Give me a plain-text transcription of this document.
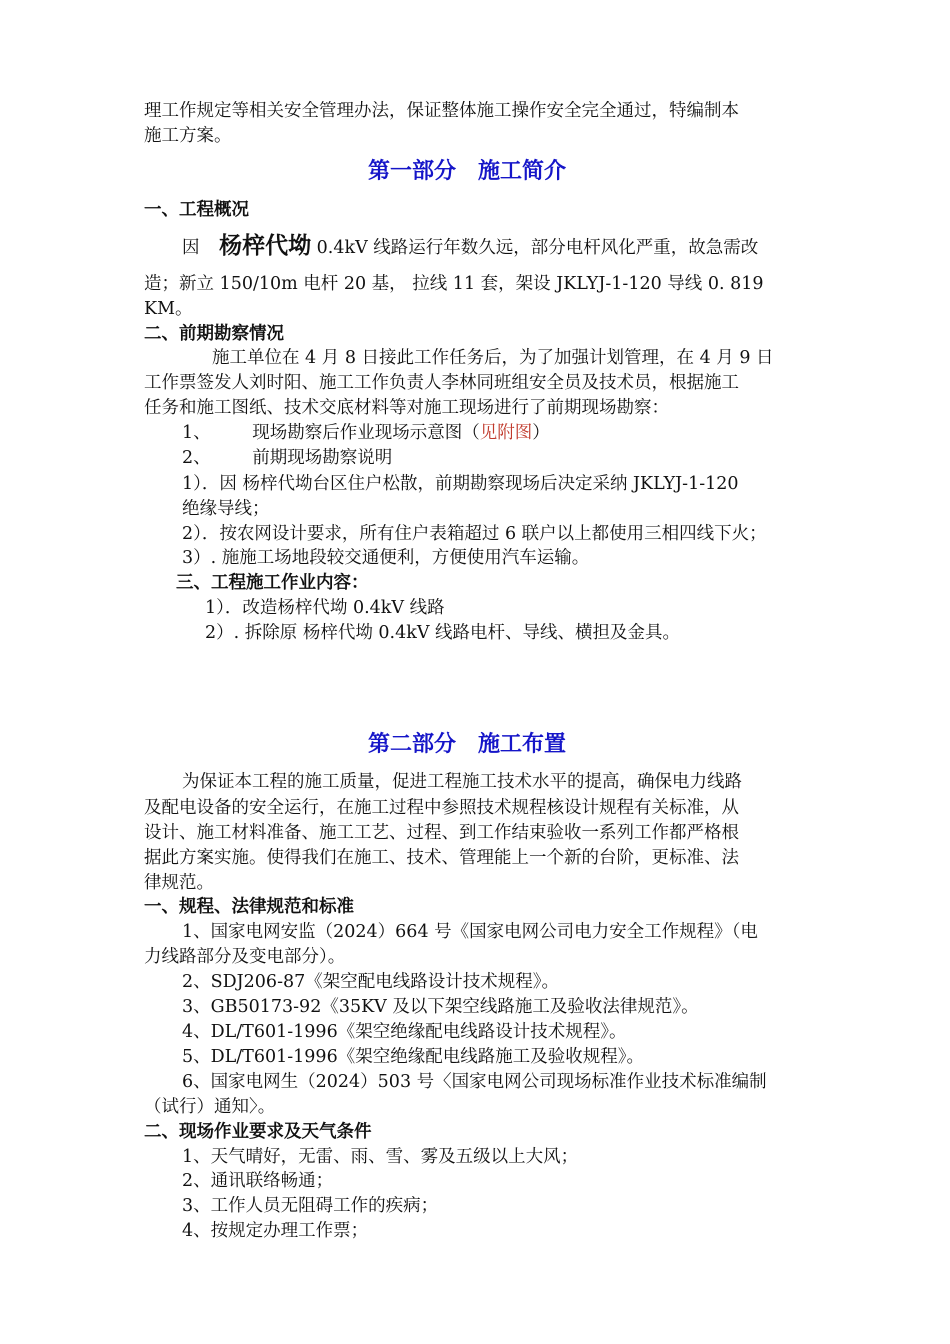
理工作规定等相关安全管理办法，保证整体施工操作安全完全通过，特编制本
施工方案。
第一部分　施工简介
一、工程概况
因 杨梓代坳 0.4kV 线路运行年数久远，部分电杆风化严重，故急需改
造；新立 150/10m 电杆 20 基， 拉线 11 套，架设 JKLYJ-1-120 导线 0. 819
KM。
二、前期勘察情况
施工单位在 4 月 8 日接此工作任务后，为了加强计划管理，在 4 月 9 日
工作票签发人刘时阳、施工工作负责人李林同班组安全员及技术员，根据施工
任务和施工图纸、技术交底材料等对施工现场进行了前期现场勘察：
1、 现场勘察后作业现场示意图（见附图）
2、 前期现场勘察说明
1）．因 杨梓代坳台区住户松散，前期勘察现场后决定采纳 JKLYJ-1-120
绝缘导线；
2）．按农网设计要求，所有住户表箱超过 6 联户以上都使用三相四线下火；
3）. 施施工场地段较交通便利，方便使用汽车运输。
三、工程施工作业内容：
1）．改造杨梓代坳 0.4kV 线路
2）. 拆除原 杨梓代坳 0.4kV 线路电杆、导线、横担及金具。
第二部分　施工布置
为保证本工程的施工质量，促进工程施工技术水平的提高，确保电力线路
及配电设备的安全运行，在施工过程中参照技术规程核设计规程有关标准，从
设计、施工材料准备、施工工艺、过程、到工作结束验收一系列工作都严格根
据此方案实施。使得我们在施工、技术、管理能上一个新的台阶，更标准、法
律规范。
一、规程、法律规范和标准
1、国家电网安监（2024）664 号《国家电网公司电力安全工作规程》（电
力线路部分及变电部分）。
2、SDJ206-87《架空配电线路设计技术规程》。
3、GB50173-92《35KV 及以下架空线路施工及验收法律规范》。
4、DL/T601-1996《架空绝缘配电线路设计技术规程》。
5、DL/T601-1996《架空绝缘配电线路施工及验收规程》。
6、国家电网生（2024）503 号〈国家电网公司现场标准作业技术标准编制
（试行）通知〉。
二、现场作业要求及天气条件
1、天气晴好，无雷、雨、雪、雾及五级以上大风；
2、通讯联络畅通；
3、工作人员无阻碍工作的疾病；
4、按规定办理工作票；
